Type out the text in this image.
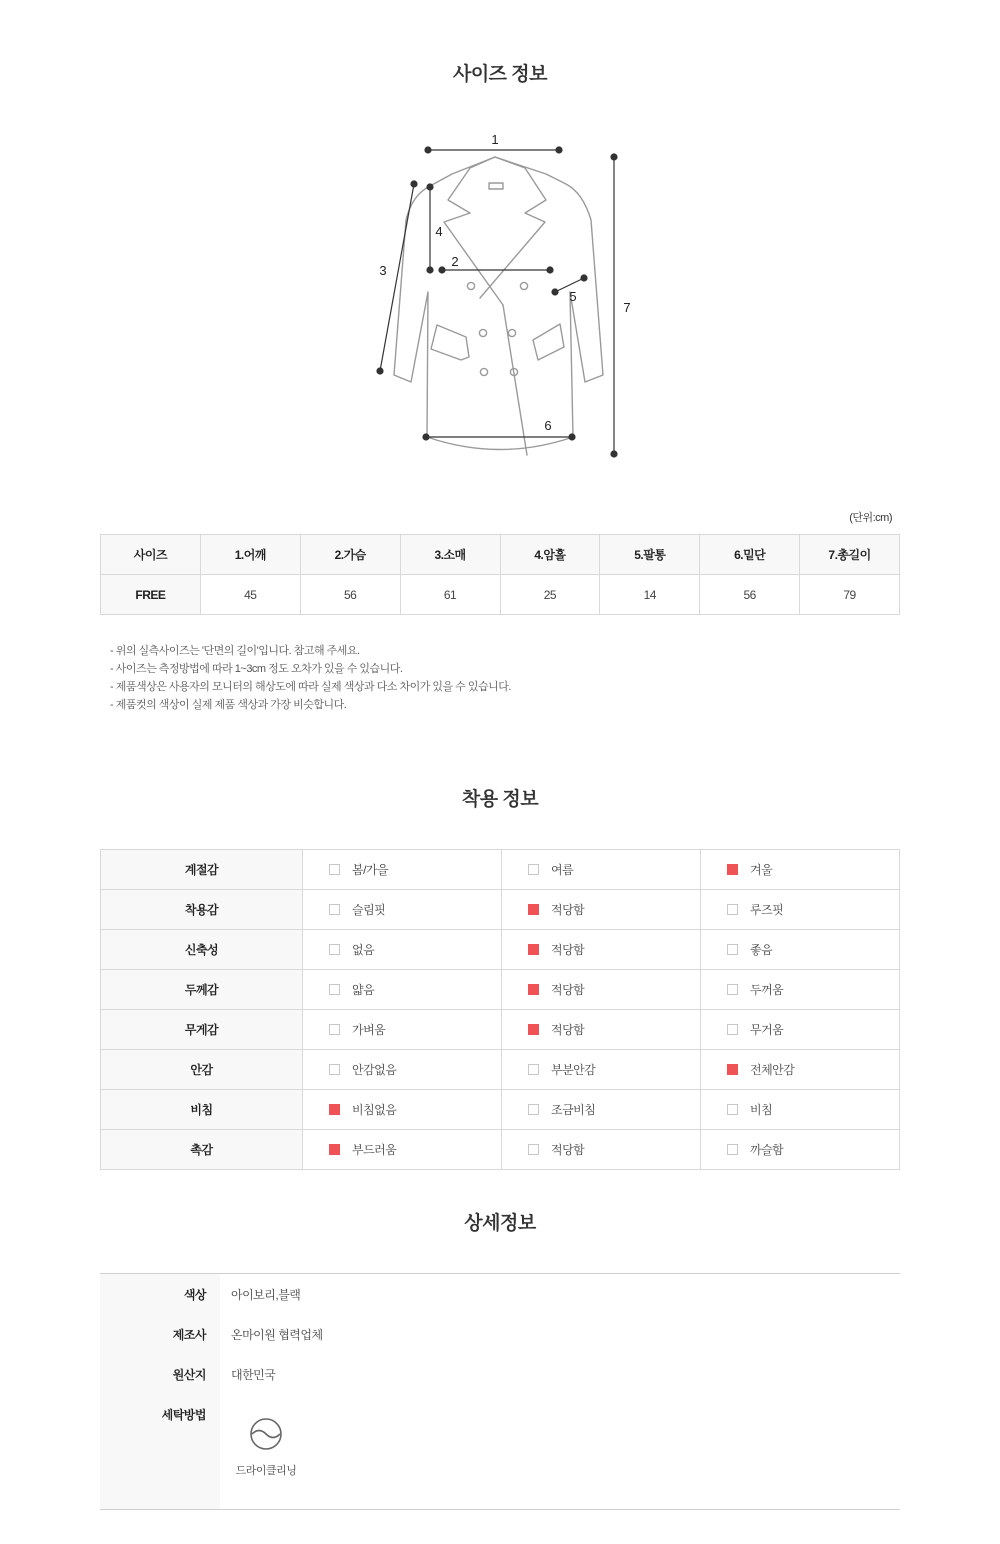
사이즈 정보
1
2
3
4
5
6
7
(단위:cm)
사이즈	1.어깨	2.가슴	3.소매	4.암홀	5.팔통	6.밑단	7.총길이
FREE	45	56	61	25	14	56	79
- 위의 실측사이즈는 '단면의 길이'입니다. 참고해 주세요.
- 사이즈는 측정방법에 따라 1~3cm 정도 오차가 있을 수 있습니다.
- 제품색상은 사용자의 모니터의 해상도에 따라 실제 색상과 다소 차이가 있을 수 있습니다.
- 제품컷의 색상이 실제 제품 색상과 가장 비슷합니다.
착용 정보
계절감	봄/가을	여름	겨울
착용감	슬림핏	적당함	루즈핏
신축성	없음	적당함	좋음
두께감	얇음	적당함	두꺼움
무게감	가벼움	적당함	무거움
안감	안감없음	부분안감	전체안감
비침	비침없음	조금비침	비침
촉감	부드러움	적당함	까슬함
상세정보
색상 아이보리,블랙
제조사 온마이원 협력업체
원산지 대한민국
세탁방법
드라이클리닝
